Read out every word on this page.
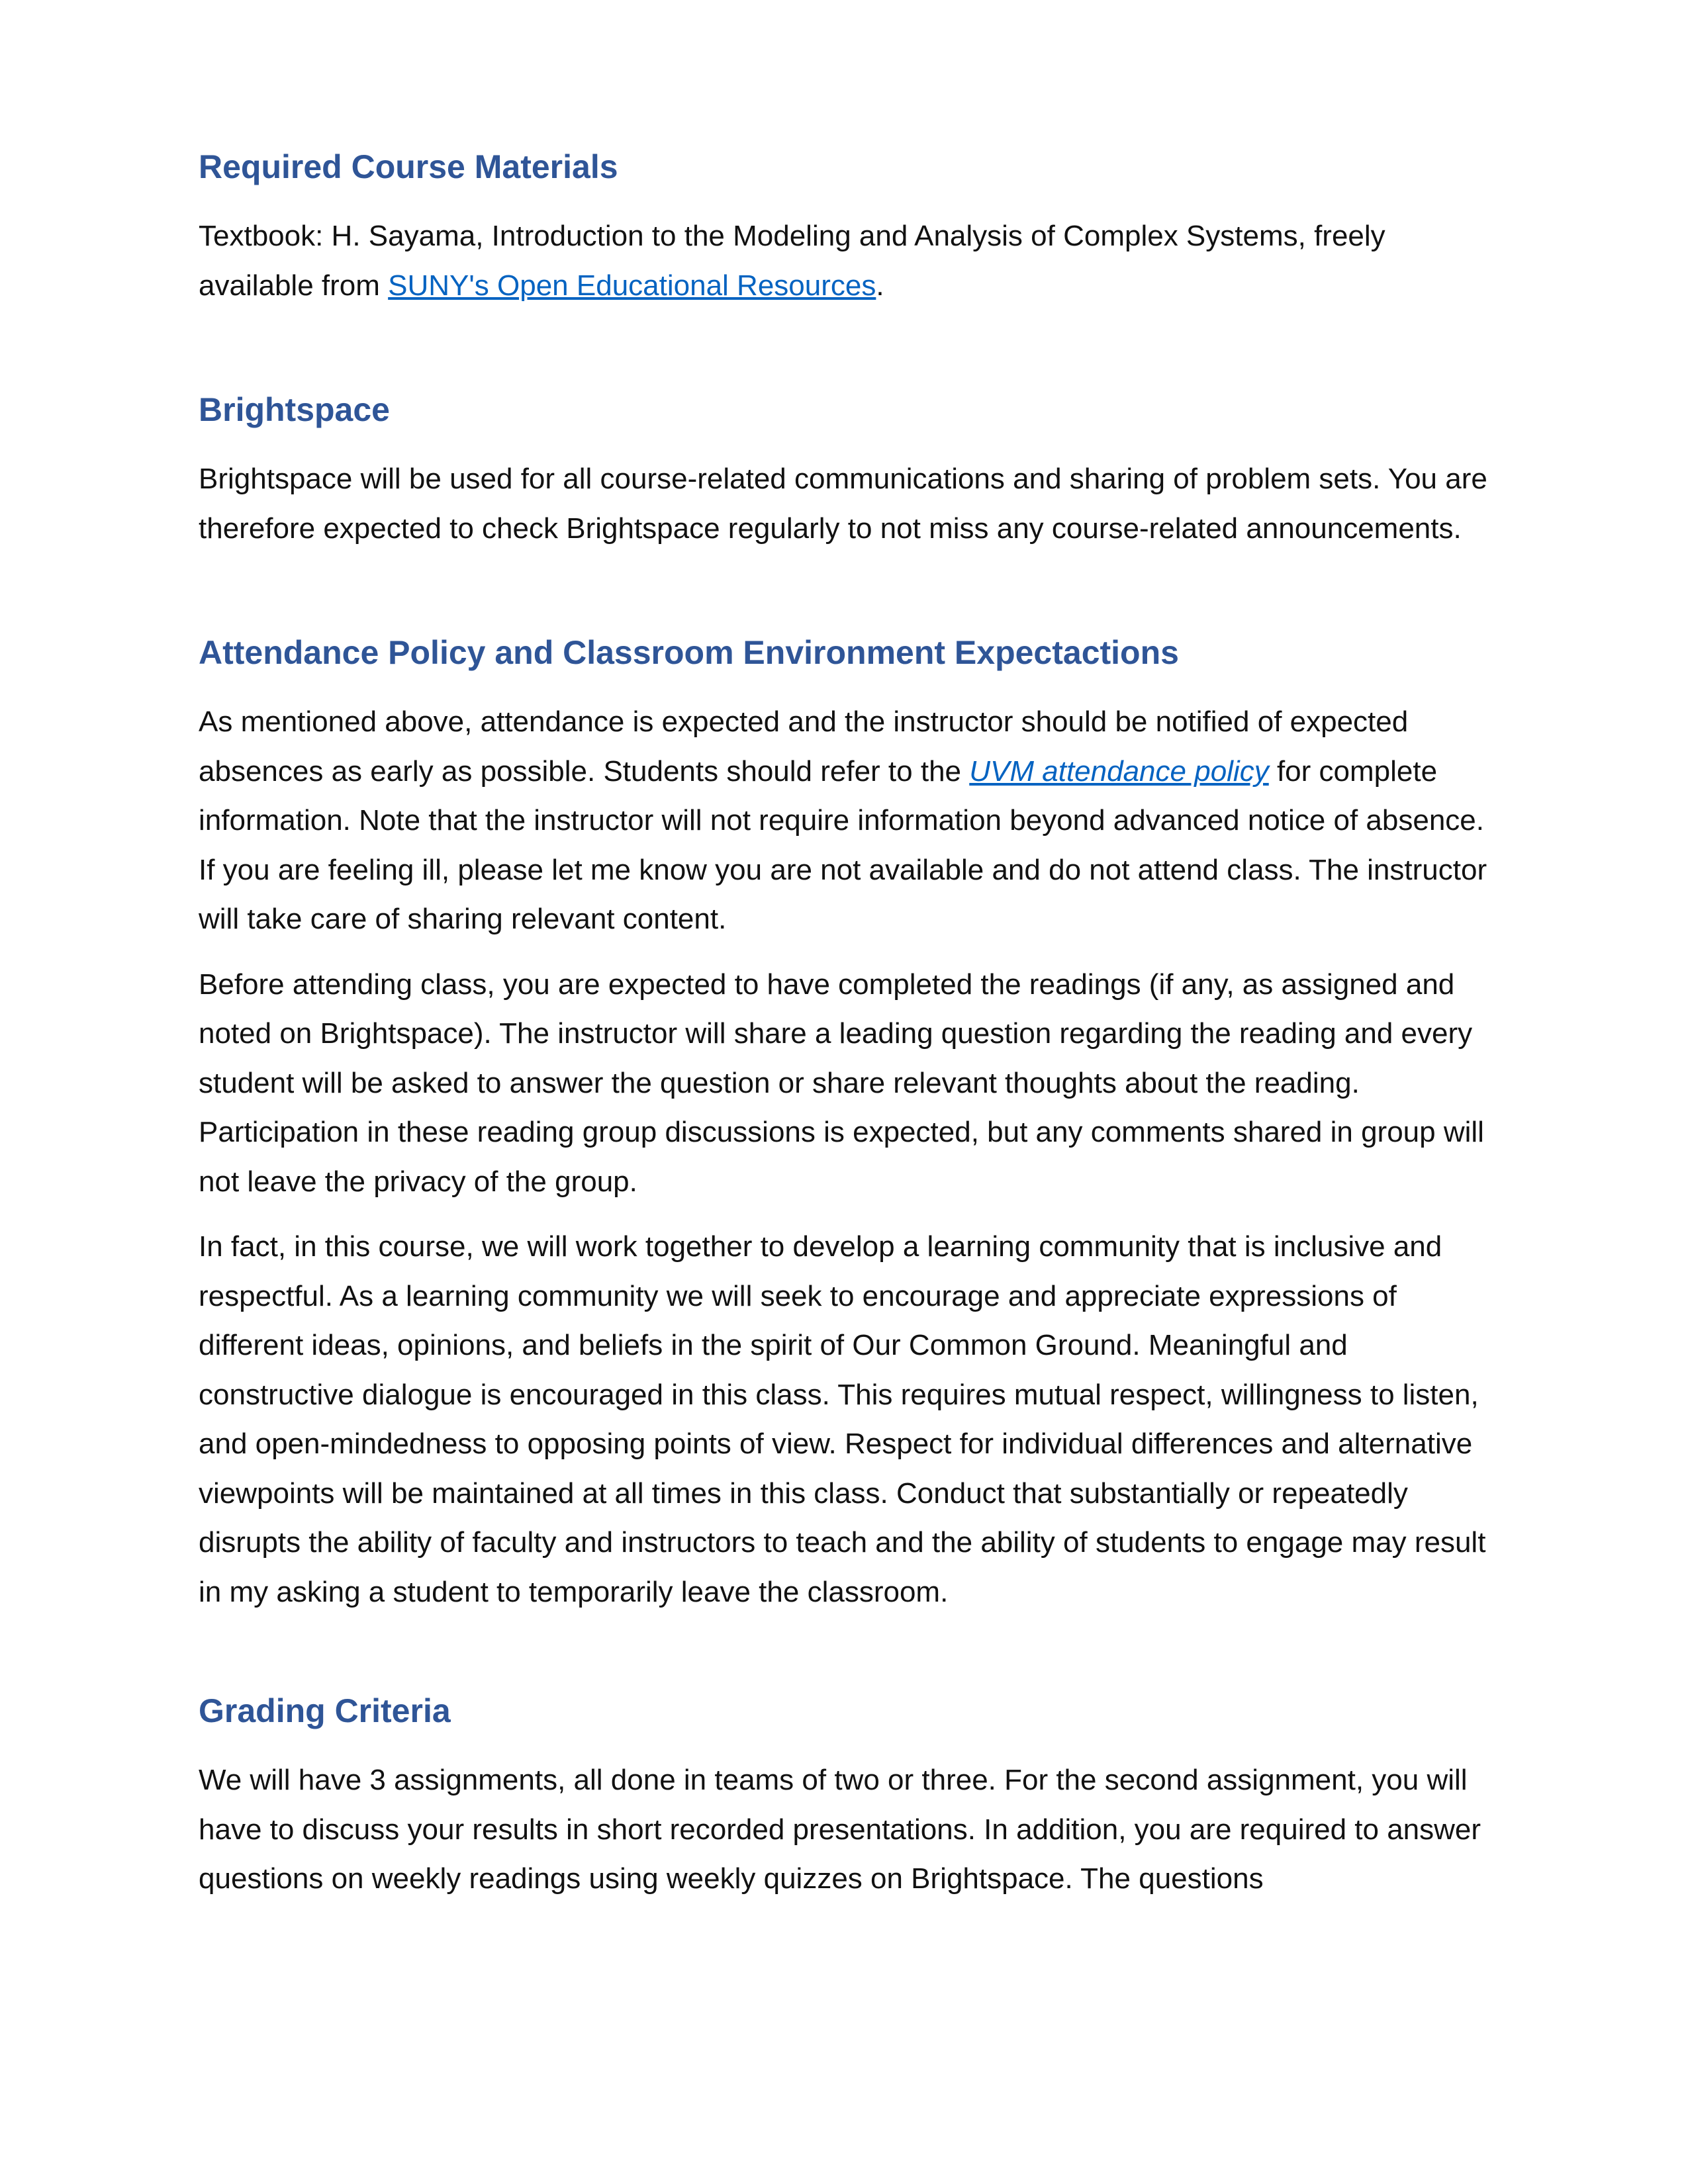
Required Course Materials

Textbook: H. Sayama, Introduction to the Modeling and Analysis of Complex Systems, freely available from SUNY's Open Educational Resources.

Brightspace

Brightspace will be used for all course-related communications and sharing of problem sets. You are therefore expected to check Brightspace regularly to not miss any course-related announcements.

Attendance Policy and Classroom Environment Expectactions

As mentioned above, attendance is expected and the instructor should be notified of expected absences as early as possible. Students should refer to the UVM attendance policy for complete information. Note that the instructor will not require information beyond advanced notice of absence. If you are feeling ill, please let me know you are not available and do not attend class. The instructor will take care of sharing relevant content.

Before attending class, you are expected to have completed the readings (if any, as assigned and noted on Brightspace). The instructor will share a leading question regarding the reading and every student will be asked to answer the question or share relevant thoughts about the reading. Participation in these reading group discussions is expected, but any comments shared in group will not leave the privacy of the group.

In fact, in this course, we will work together to develop a learning community that is inclusive and respectful. As a learning community we will seek to encourage and appreciate expressions of different ideas, opinions, and beliefs in the spirit of Our Common Ground. Meaningful and constructive dialogue is encouraged in this class. This requires mutual respect, willingness to listen, and open-mindedness to opposing points of view. Respect for individual differences and alternative viewpoints will be maintained at all times in this class. Conduct that substantially or repeatedly disrupts the ability of faculty and instructors to teach and the ability of students to engage may result in my asking a student to temporarily leave the classroom.

Grading Criteria

We will have 3 assignments, all done in teams of two or three. For the second assignment, you will have to discuss your results in short recorded presentations. In addition, you are required to answer questions on weekly readings using weekly quizzes on Brightspace. The questions
